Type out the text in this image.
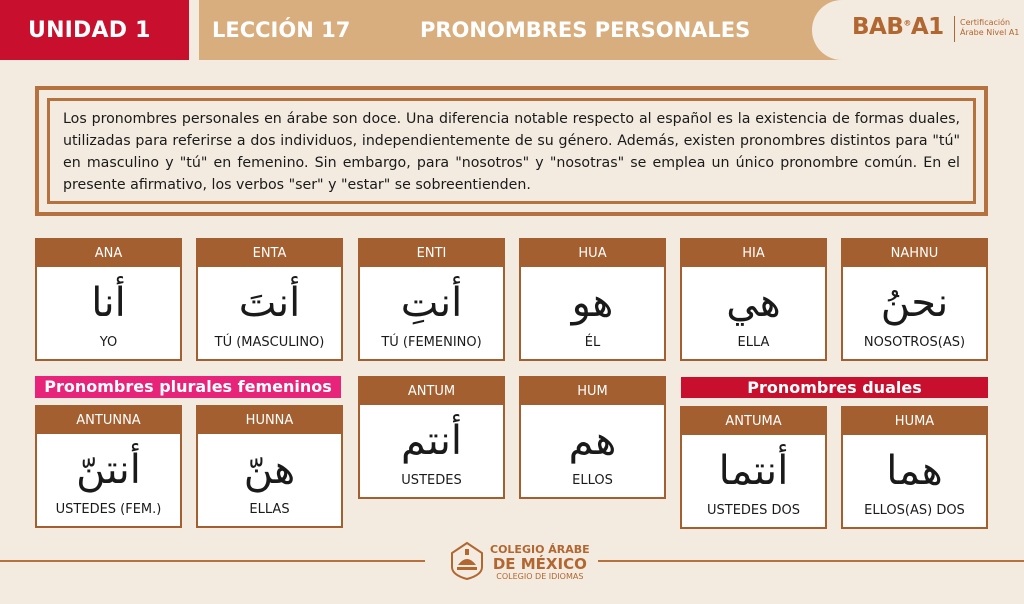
UNIDAD 1	LECCIÓN 17	PRONOMBRES PERSONALES	BAB®A1 Certificación
Árabe Nivel A1
Los pronombres personales en árabe son doce. Una diferencia notable respecto al español es la existencia de formas duales, utilizadas para referirse a dos individuos, independientemente de su género. Además, existen pronombres distintos para "tú" en masculino y "tú" en femenino. Sin embargo, para "nosotros" y "nosotras" se emplea un único pronombre común. En el presente afirmativo, los verbos "ser" y "estar" se sobreentienden.
ANA
أنا
YO
ENTA
أنتَ
TÚ (MASCULINO)
ENTI
أنتِ
TÚ (FEMENINO)
HUA
هو
ÉL
HIA
هي
ELLA
NAHNU
نحنُ
NOSOTROS(AS)
Pronombres plurales femeninos	Pronombres duales
ANTUNNA
أنتنّ
USTEDES (FEM.)
HUNNA
هنّ
ELLAS
ANTUM
أنتم
USTEDES
HUM
هم
ELLOS
ANTUMA
أنتما
USTEDES DOS
HUMA
هما
ELLOS(AS) DOS
COLEGIO ÁRABE
DE MÉXICO
COLEGIO DE IDIOMAS
